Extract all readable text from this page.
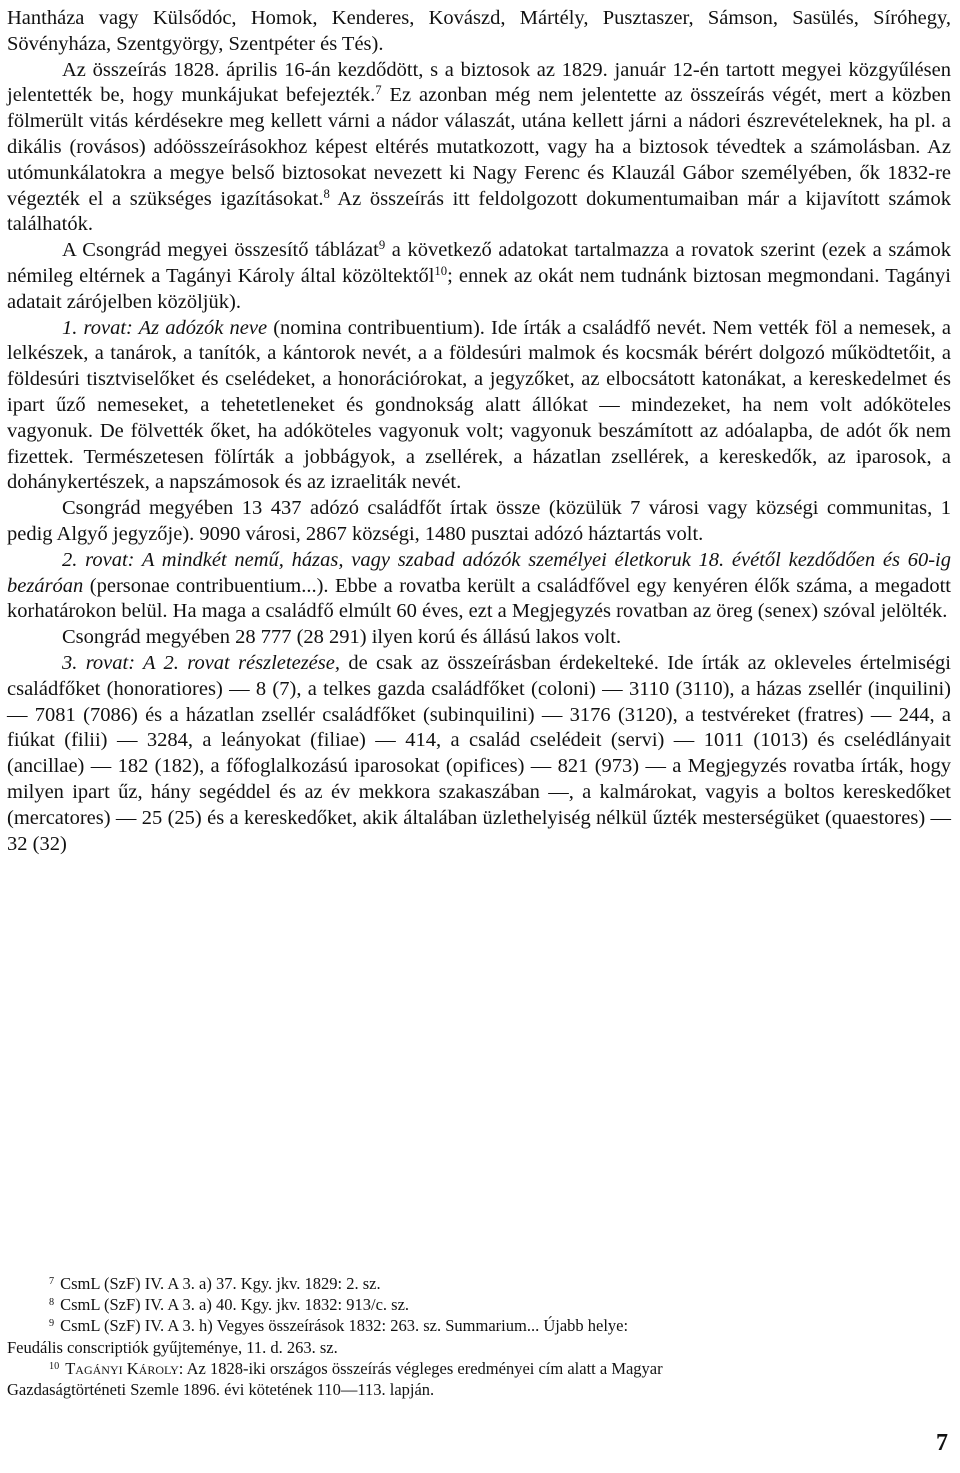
Hantháza vagy Külsődóc, Homok, Kenderes, Kovászd, Mártély, Pusztaszer, Sámson, Sasülés, Síróhegy, Sövényháza, Szentgyörgy, Szentpéter és Tés).

Az összeírás 1828. április 16-án kezdődött, s a biztosok az 1829. január 12-én tartott megyei közgyűlésen jelentették be, hogy munkájukat befejezték.$^7$ Ez azonban még nem jelentette az összeírás végét, mert a közben fölmerült vitás kérdésekre meg kellett várni a nádor válaszát, utána kellett járni a nádori észrevételeknek, ha pl. a dikális (rovásos) adóösszeírásokhoz képest eltérés mutatkozott, vagy ha a biztosok tévedtek a számolásban. Az utómunkálatokra a megye belső biztosokat nevezett ki Nagy Ferenc és Klauzál Gábor személyében, ők 1832-re végezték el a szükséges igazításokat.$^8$ Az összeírás itt feldolgozott dokumentumaiban már a kijavított számok találhatók.

A Csongrád megyei összesítő táblázat$^9$ a következő adatokat tartalmazza a rovatok szerint (ezek a számok némileg eltérnek a Tagányi Károly által közöltektől$^{10}$; ennek az okát nem tudnánk biztosan megmondani. Tagányi adatait zárójelben közöljük).

1. rovat: Az adózók neve (nomina contribuentium). Ide írták a családfő nevét. Nem vették föl a nemesek, a lelkészek, a tanárok, a tanítók, a kántorok nevét, a a földesúri malmok és kocsmák bérért dolgozó működtetőit, a földesúri tisztviselőket és cselédeket, a honorációrokat, a jegyzőket, az elbocsátott katonákat, a kereskedelmet és ipart űző nemeseket, a tehetetleneket és gondnokság alatt állókat — mindezeket, ha nem volt adóköteles vagyonuk. De fölvették őket, ha adóköteles vagyonuk volt; vagyonuk beszámított az adóalapba, de adót ők nem fizettek. Természetesen fölírták a jobbágyok, a zsellérek, a házatlan zsellérek, a kereskedők, az iparosok, a dohánykertészek, a napszámosok és az izraeliták nevét.

Csongrád megyében 13 437 adózó családfőt írtak össze (közülük 7 városi vagy községi communitas, 1 pedig Algyő jegyzője). 9090 városi, 2867 községi, 1480 pusztai adózó háztartás volt.

2. rovat: A mindkét nemű, házas, vagy szabad adózók személyei életkoruk 18. évétől kezdődően és 60-ig bezáróan (personae contribuentium...). Ebbe a rovatba került a családfővel egy kenyéren élők száma, a megadott korhatárokon belül. Ha maga a családfő elmúlt 60 éves, ezt a Megjegyzés rovatban az öreg (senex) szóval jelölték.

Csongrád megyében 28 777 (28 291) ilyen korú és állású lakos volt.

3. rovat: A 2. rovat részletezése, de csak az összeírásban érdekelteké. Ide írták az okleveles értelmiségi családfőket (honoratiores) — 8 (7), a telkes gazda családfőket (coloni) — 3110 (3110), a házas zsellér (inquilini) — 7081 (7086) és a házatlan zsellér családfőket (subinquilini) — 3176 (3120), a testvéreket (fratres) — 244, a fiúkat (filii) — 3284, a leányokat (filiae) — 414, a család cselédeit (servi) — 1011 (1013) és cselédlányait (ancillae) — 182 (182), a főfoglalkozású iparosokat (opifices) — 821 (973) — a Megjegyzés rovatba írták, hogy milyen ipart űz, hány segéddel és az év mekkora szakaszában —, a kalmárokat, vagyis a boltos kereskedőket (mercatores) — 25 (25) és a kereskedőket, akik általában üzlethelyiség nélkül űzték mesterségüket (quaestores) — 32 (32)

$^7$ CsmL (SzF) IV. A 3. a) 37. Kgy. jkv. 1829: 2. sz.

$^8$ CsmL (SzF) IV. A 3. a) 40. Kgy. jkv. 1832: 913/c. sz.

$^9$ CsmL (SzF) IV. A 3. h) Vegyes összeírások 1832: 263. sz. Summarium... Újabb helye:

Feudális conscriptiók gyűjteménye, 11. d. 263. sz.

$^{10}$ Tagányi Károly: Az 1828-iki országos összeírás végleges eredményei cím alatt a Magyar

Gazdaságtörténeti Szemle 1896. évi kötetének 110—113. lapján.

7
